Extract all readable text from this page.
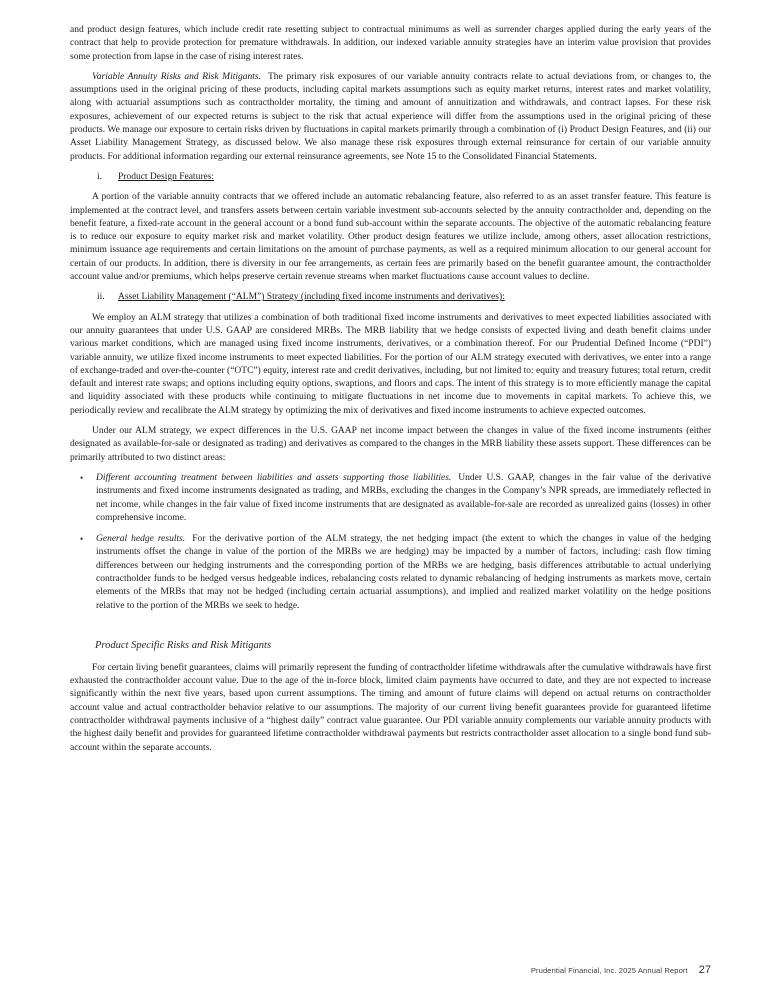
and product design features, which include credit rate resetting subject to contractual minimums as well as surrender charges applied during the early years of the contract that help to provide protection for premature withdrawals. In addition, our indexed variable annuity strategies have an interim value provision that provides some protection from lapse in the case of rising interest rates.

Variable Annuity Risks and Risk Mitigants. The primary risk exposures of our variable annuity contracts relate to actual deviations from, or changes to, the assumptions used in the original pricing of these products, including capital markets assumptions such as equity market returns, interest rates and market volatility, along with actuarial assumptions such as contractholder mortality, the timing and amount of annuitization and withdrawals, and contract lapses. For these risk exposures, achievement of our expected returns is subject to the risk that actual experience will differ from the assumptions used in the original pricing of these products. We manage our exposure to certain risks driven by fluctuations in capital markets primarily through a combination of (i) Product Design Features, and (ii) our Asset Liability Management Strategy, as discussed below. We also manage these risk exposures through external reinsurance for certain of our variable annuity products. For additional information regarding our external reinsurance agreements, see Note 15 to the Consolidated Financial Statements.

i. Product Design Features:

A portion of the variable annuity contracts that we offered include an automatic rebalancing feature, also referred to as an asset transfer feature. This feature is implemented at the contract level, and transfers assets between certain variable investment sub-accounts selected by the annuity contractholder and, depending on the benefit feature, a fixed-rate account in the general account or a bond fund sub-account within the separate accounts. The objective of the automatic rebalancing feature is to reduce our exposure to equity market risk and market volatility. Other product design features we utilize include, among others, asset allocation restrictions, minimum issuance age requirements and certain limitations on the amount of purchase payments, as well as a required minimum allocation to our general account for certain of our products. In addition, there is diversity in our fee arrangements, as certain fees are primarily based on the benefit guarantee amount, the contractholder account value and/or premiums, which helps preserve certain revenue streams when market fluctuations cause account values to decline.

ii. Asset Liability Management (“ALM”) Strategy (including fixed income instruments and derivatives):

We employ an ALM strategy that utilizes a combination of both traditional fixed income instruments and derivatives to meet expected liabilities associated with our annuity guarantees that under U.S. GAAP are considered MRBs. The MRB liability that we hedge consists of expected living and death benefit claims under various market conditions, which are managed using fixed income instruments, derivatives, or a combination thereof. For our Prudential Defined Income (“PDI”) variable annuity, we utilize fixed income instruments to meet expected liabilities. For the portion of our ALM strategy executed with derivatives, we enter into a range of exchange-traded and over-the-counter (“OTC”) equity, interest rate and credit derivatives, including, but not limited to: equity and treasury futures; total return, credit default and interest rate swaps; and options including equity options, swaptions, and floors and caps. The intent of this strategy is to more efficiently manage the capital and liquidity associated with these products while continuing to mitigate fluctuations in net income due to movements in capital markets. To achieve this, we periodically review and recalibrate the ALM strategy by optimizing the mix of derivatives and fixed income instruments to achieve expected outcomes.

Under our ALM strategy, we expect differences in the U.S. GAAP net income impact between the changes in value of the fixed income instruments (either designated as available-for-sale or designated as trading) and derivatives as compared to the changes in the MRB liability these assets support. These differences can be primarily attributed to two distinct areas:

• Different accounting treatment between liabilities and assets supporting those liabilities. Under U.S. GAAP, changes in the fair value of the derivative instruments and fixed income instruments designated as trading, and MRBs, excluding the changes in the Company’s NPR spreads, are immediately reflected in net income, while changes in the fair value of fixed income instruments that are designated as available-for-sale are recorded as unrealized gains (losses) in other comprehensive income.
• General hedge results. For the derivative portion of the ALM strategy, the net hedging impact (the extent to which the changes in value of the hedging instruments offset the change in value of the portion of the MRBs we are hedging) may be impacted by a number of factors, including: cash flow timing differences between our hedging instruments and the corresponding portion of the MRBs we are hedging, basis differences attributable to actual underlying contractholder funds to be hedged versus hedgeable indices, rebalancing costs related to dynamic rebalancing of hedging instruments as markets move, certain elements of the MRBs that may not be hedged (including certain actuarial assumptions), and implied and realized market volatility on the hedge positions relative to the portion of the MRBs we seek to hedge.
Product Specific Risks and Risk Mitigants

For certain living benefit guarantees, claims will primarily represent the funding of contractholder lifetime withdrawals after the cumulative withdrawals have first exhausted the contractholder account value. Due to the age of the in-force block, limited claim payments have occurred to date, and they are not expected to increase significantly within the next five years, based upon current assumptions. The timing and amount of future claims will depend on actual returns on contractholder account value and actual contractholder behavior relative to our assumptions. The majority of our current living benefit guarantees provide for guaranteed lifetime contractholder withdrawal payments inclusive of a “highest daily” contract value guarantee. Our PDI variable annuity complements our variable annuity products with the highest daily benefit and provides for guaranteed lifetime contractholder withdrawal payments but restricts contractholder asset allocation to a single bond fund sub-account within the separate accounts.

Prudential Financial, Inc. 2025 Annual Report 27
